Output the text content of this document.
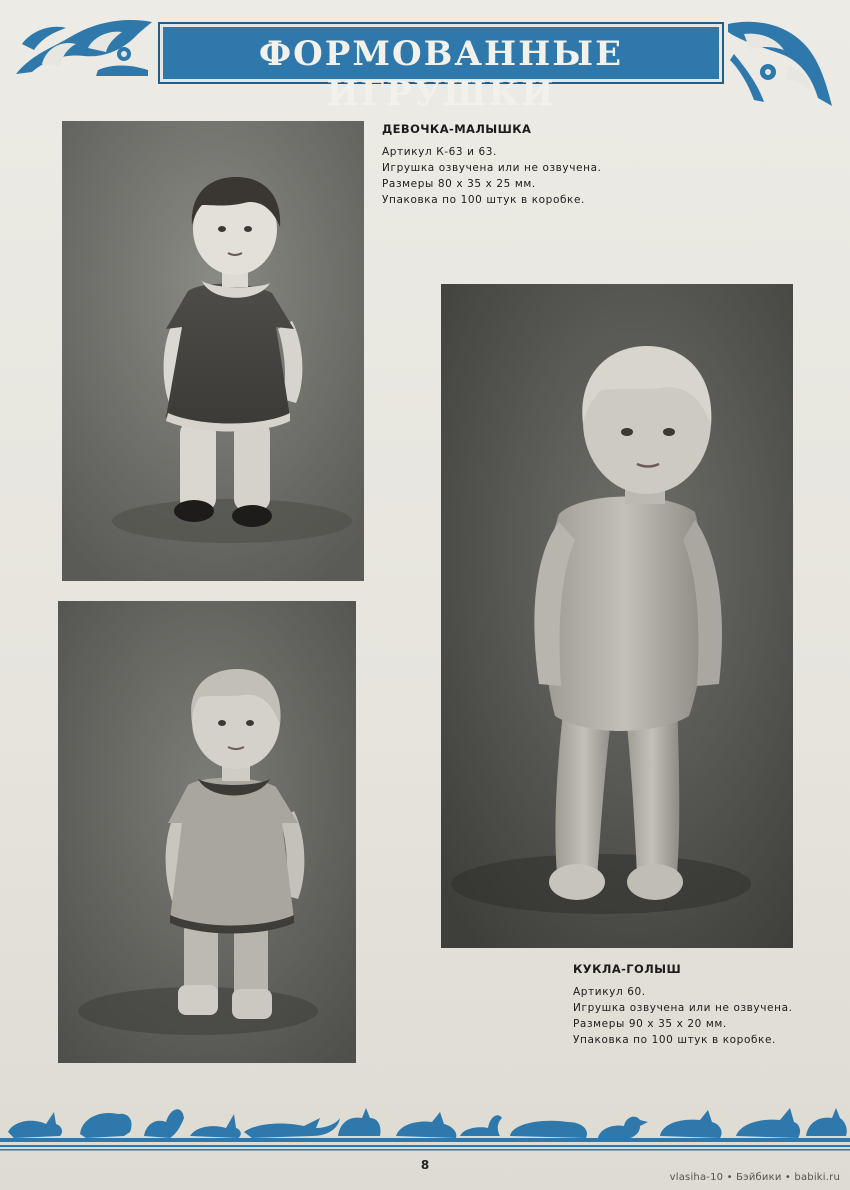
ФОРМОВАННЫЕ ИГРУШКИ
ДЕВОЧКА-МАЛЫШКА
Артикул К-63 и 63.
Игрушка озвучена или не озвучена.
Размеры 80 х 35 х 25 мм.
Упаковка по 100 штук в коробке.
КУКЛА-ГОЛЫШ
Артикул 60.
Игрушка озвучена или не озвучена.
Размеры 90 х 35 х 20 мм.
Упаковка по 100 штук в коробке.
8
vlasiha-10 • Бэйбики • babiki.ru
